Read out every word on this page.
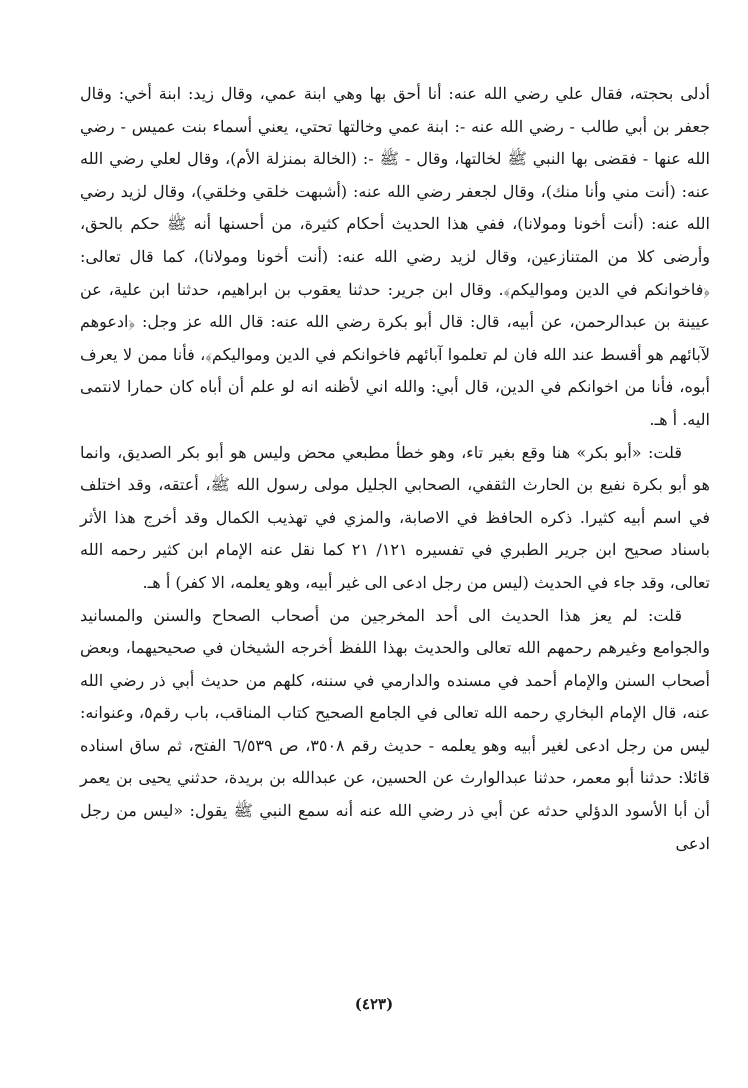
أدلى بحجته، فقال علي رضي الله عنه: أنا أحق بها وهي ابنة عمي، وقال زيد: ابنة أخي: وقال جعفر بن أبي طالب - رضي الله عنه -: ابنة عمي وخالتها تحتي، يعني أسماء بنت عميس - رضي الله عنها - فقضى بها النبي ﷺ لخالتها، وقال - ﷺ -: (الخالة بمنزلة الأم)، وقال لعلي رضي الله عنه: (أنت مني وأنا منك)، وقال لجعفر رضي الله عنه: (أشبهت خلقي وخلقي)، وقال لزيد رضي الله عنه: (أنت أخونا ومولانا)، ففي هذا الحديث أحكام كثيرة، من أحسنها أنه ﷺ حكم بالحق، وأرضى كلا من المتنازعين، وقال لزيد رضي الله عنه: (أنت أخونا ومولانا)، كما قال تعالى: ﴿فاخوانكم في الدين ومواليكم﴾. وقال ابن جرير: حدثنا يعقوب بن ابراهيم، حدثنا ابن علية، عن عيينة بن عبدالرحمن، عن أبيه، قال: قال أبو بكرة رضي الله عنه: قال الله عز وجل: ﴿ادعوهم لآبائهم هو أقسط عند الله فان لم تعلموا آبائهم فاخوانكم في الدين ومواليكم﴾، فأنا ممن لا يعرف أبوه، فأنا من اخوانكم في الدين، قال أبي: والله اني لأظنه انه لو علم أن أباه كان حمارا لانتمى اليه. أ هـ.

قلت: «أبو بكر» هنا وقع بغير تاء، وهو خطأ مطبعي محض وليس هو أبو بكر الصديق، وانما هو أبو بكرة نفيع بن الحارث الثقفي، الصحابي الجليل مولى رسول الله ﷺ، أعتقه، وقد اختلف في اسم أبيه كثيرا. ذكره الحافظ في الاصابة، والمزي في تهذيب الكمال وقد أخرج هذا الأثر باسناد صحيح ابن جرير الطبري في تفسيره ١٢١/ ٢١ كما نقل عنه الإمام ابن كثير رحمه الله تعالى، وقد جاء في الحديث (ليس من رجل ادعى الى غير أبيه، وهو يعلمه، الا كفر) أ هـ.

قلت: لم يعز هذا الحديث الى أحد المخرجين من أصحاب الصحاح والسنن والمسانيد والجوامع وغيرهم رحمهم الله تعالى والحديث بهذا اللفظ أخرجه الشيخان في صحيحيهما، وبعض أصحاب السنن والإمام أحمد في مسنده والدارمي في سننه، كلهم من حديث أبي ذر رضي الله عنه، قال الإمام البخاري رحمه الله تعالى في الجامع الصحيح كتاب المناقب، باب رقم٥، وعنوانه: ليس من رجل ادعى لغير أبيه وهو يعلمه - حديث رقم ٣٥٠٨، ص ٦/٥٣٩ الفتح، ثم ساق اسناده قائلا: حدثنا أبو معمر، حدثنا عبدالوارث عن الحسين، عن عبدالله بن بريدة، حدثني يحيى بن يعمر أن أبا الأسود الدؤلي حدثه عن أبي ذر رضي الله عنه أنه سمع النبي ﷺ يقول: «ليس من رجل ادعى

(٤٢٣)
